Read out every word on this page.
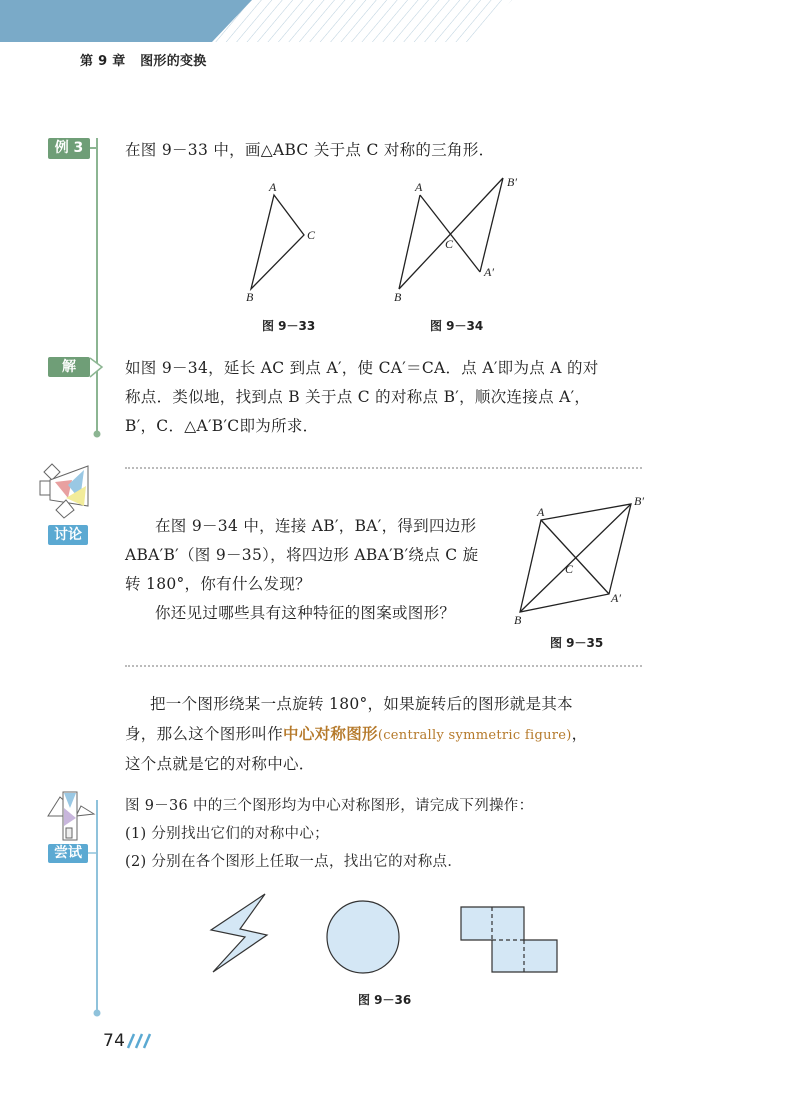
A
C
B
A	B′
C
A′
B
A
B′
C
A′
B
第 9 章 图形的变换
例 3	在图 9－33 中，画△ABC 关于点 C 对称的三角形．
图 9－33	图 9－34
解	如图 9－34，延长 AC 到点 A′，使 CA′＝CA．点 A′即为点 A 的对
称点．类似地，找到点 B 关于点 C 的对称点 B′，顺次连接点 A′，
B′，C．△A′B′C即为所求．
讨论	在图 9－34 中，连接 AB′，BA′，得到四边形
ABA′B′（图 9－35），将四边形 ABA′B′绕点 C 旋
转 180°，你有什么发现？
你还见过哪些具有这种特征的图案或图形？
图 9－35
把一个图形绕某一点旋转 180°，如果旋转后的图形就是其本
身，那么这个图形叫作中心对称图形(centrally symmetric figure)，
这个点就是它的对称中心．
尝试
图 9－36 中的三个图形均为中心对称图形，请完成下列操作：
(1) 分别找出它们的对称中心；
(2) 分别在各个图形上任取一点，找出它的对称点．
图 9－36
74
